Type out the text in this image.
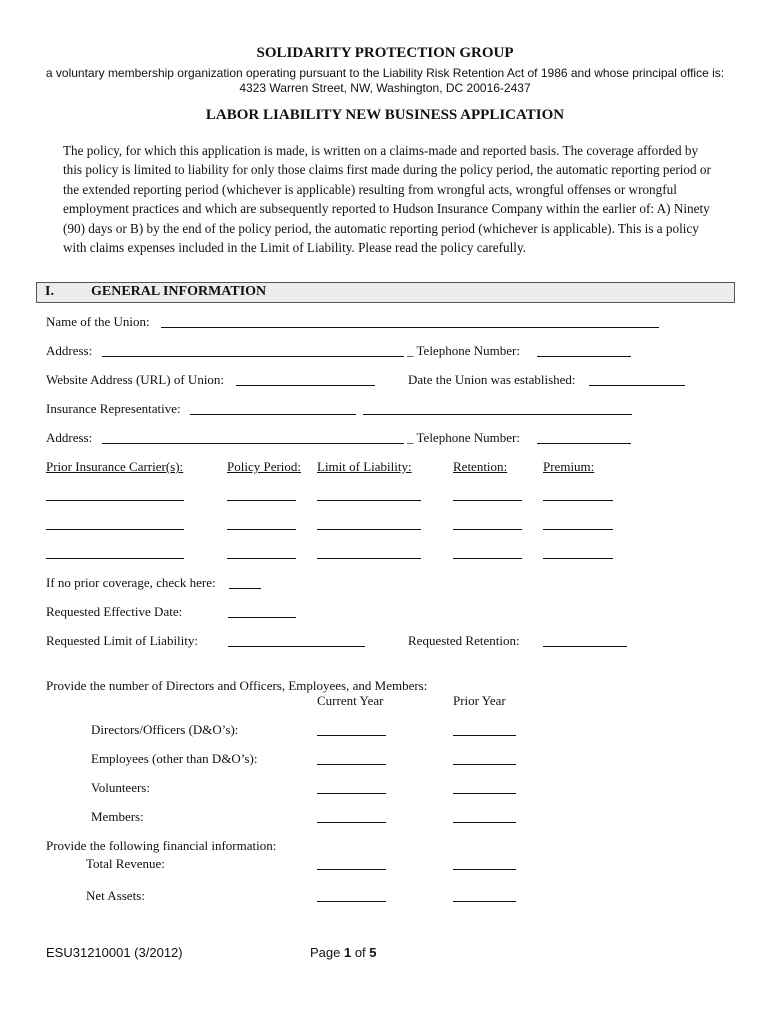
SOLIDARITY PROTECTION GROUP
a voluntary membership organization operating pursuant to the Liability Risk Retention Act of 1986 and whose principal office is:
4323 Warren Street, NW, Washington, DC 20016-2437
LABOR LIABILITY NEW BUSINESS APPLICATION
The policy, for which this application is made, is written on a claims-made and reported basis. The coverage afforded by
this policy is limited to liability for only those claims first made during the policy period, the automatic reporting period or
the extended reporting period (whichever is applicable) resulting from wrongful acts, wrongful offenses or wrongful
employment practices and which are subsequently reported to Hudson Insurance Company within the earlier of: A) Ninety
(90) days or B) by the end of the policy period, the automatic reporting period (whichever is applicable). This is a policy
with claims expenses included in the Limit of Liability. Please read the policy carefully.
I.	GENERAL INFORMATION
Name of the Union:
Address:	_ Telephone Number:
Website Address (URL) of Union:	Date the Union was established:
Insurance Representative:
Address:	_ Telephone Number:
Prior Insurance Carrier(s):	Policy Period: Limit of Liability:	Retention:	Premium:
If no prior coverage, check here:
Requested Effective Date:
Requested Limit of Liability:	Requested Retention:
Provide the number of Directors and Officers, Employees, and Members:
Current Year	Prior Year
Directors/Officers (D&O’s):
Employees (other than D&O’s):
Volunteers:
Members:
Provide the following financial information:
Total Revenue:
Net Assets:
ESU31210001 (3/2012)	Page 1 of 5
